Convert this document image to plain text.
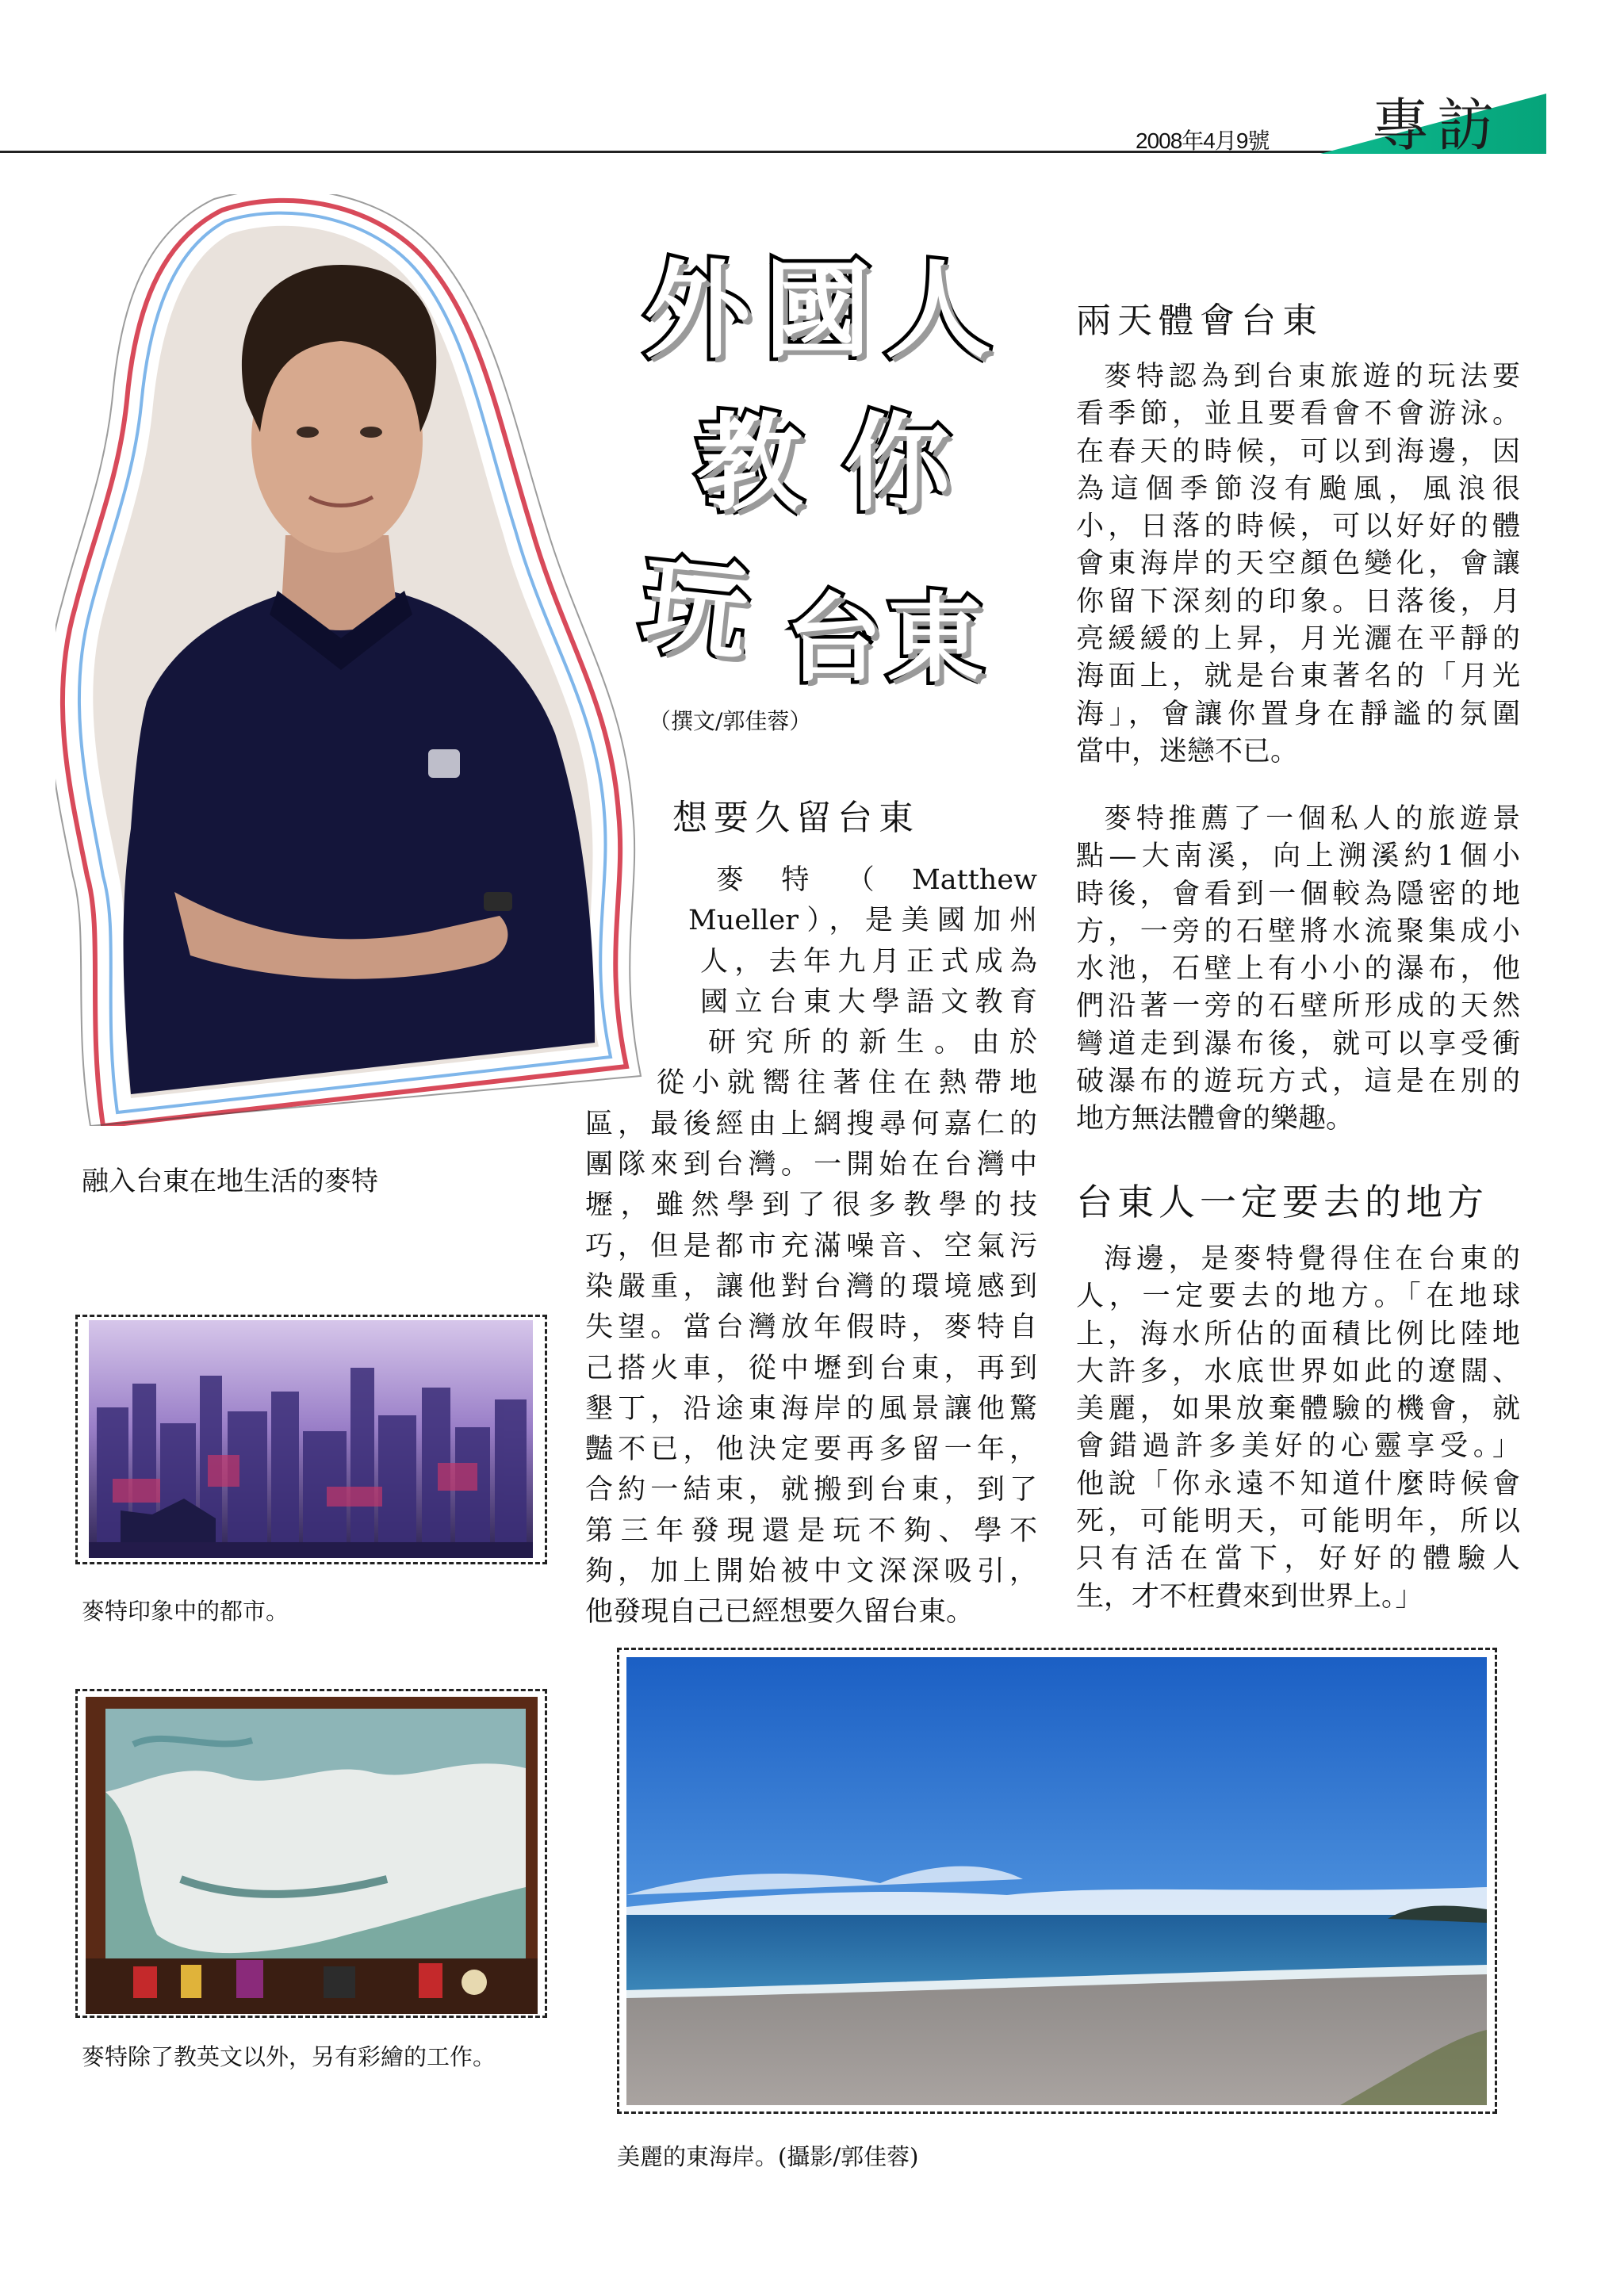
2008年4月9號 專訪
融入台東在地生活的麥特
外國人
教你
玩 台東
（撰文/郭佳蓉）
想要久留台東
麥特（Matthew
Mueller），是美國加州
人，去年九月正式成為
國立台東大學語文教育
研究所的新生。由於
從小就嚮往著住在熱帶地
區，最後經由上網搜尋何嘉仁的
團隊來到台灣。一開始在台灣中
壢，雖然學到了很多教學的技
巧，但是都市充滿噪音、空氣污
染嚴重，讓他對台灣的環境感到
失望。當台灣放年假時，麥特自
己搭火車，從中壢到台東，再到
墾丁，沿途東海岸的風景讓他驚
豔不已，他決定要再多留一年，
合約一結束，就搬到台東，到了
第三年發現還是玩不夠、學不
夠，加上開始被中文深深吸引，
他發現自己已經想要久留台東。
兩天體會台東
麥特認為到台東旅遊的玩法要
看季節，並且要看會不會游泳。
在春天的時候，可以到海邊，因
為這個季節沒有颱風，風浪很
小，日落的時候，可以好好的體
會東海岸的天空顏色變化，會讓
你留下深刻的印象。日落後，月
亮緩緩的上昇，月光灑在平靜的
海面上，就是台東著名的「月光
海」，會讓你置身在靜謐的氛圍
當中，迷戀不已。
麥特推薦了一個私人的旅遊景
點—大南溪，向上溯溪約1個小
時後，會看到一個較為隱密的地
方，一旁的石壁將水流聚集成小
水池，石壁上有小小的瀑布，他
們沿著一旁的石壁所形成的天然
彎道走到瀑布後，就可以享受衝
破瀑布的遊玩方式，這是在別的
地方無法體會的樂趣。
台東人一定要去的地方
海邊，是麥特覺得住在台東的
人，一定要去的地方。「在地球
上，海水所佔的面積比例比陸地
大許多，水底世界如此的遼闊、
美麗，如果放棄體驗的機會，就
會錯過許多美好的心靈享受。」
他說「你永遠不知道什麼時候會
死，可能明天，可能明年，所以
只有活在當下，好好的體驗人
生，才不枉費來到世界上。」
麥特印象中的都市。
麥特除了教英文以外，另有彩繪的工作。
美麗的東海岸。(攝影/郭佳蓉)
